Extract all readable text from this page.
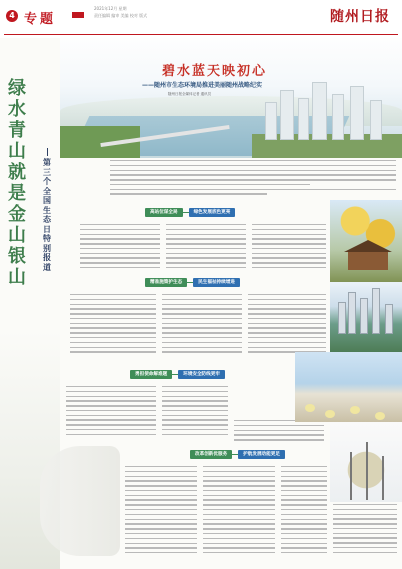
4 专题
2021年12月 星期
责任编辑 编审 美编 校对 版式	随州日报
碧水蓝天映初心
——随州市生态环境局推进美丽随州战略纪实
随州日报全媒体记者 通讯员
绿
水
青
山
就
是
金
山
银
山
第
三
个
全
国
生
态
日
特
别
报
道
高站位谋全局	绿色发展底色更亮
精准施策护生态	民生福祉持续增进
勇担使命解难题	环境安全防线更牢
改革创新优服务	护航发展动能更足
